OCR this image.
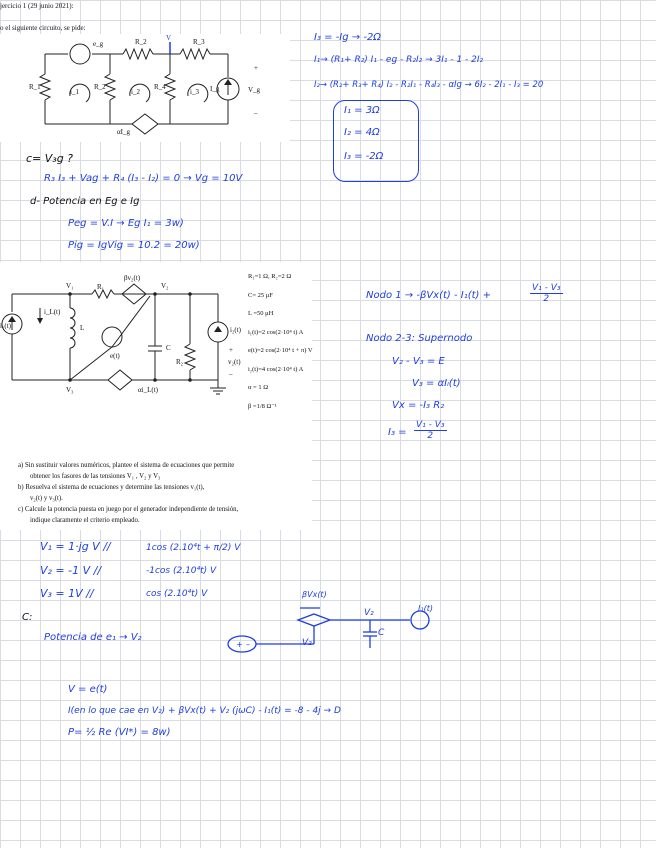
jercicio 1 (29 junio 2021):
o el siguiente circuito, se pide:
e_g	R_2	V	R_3
R_1
i_1
R_2
i_2
R_4
i_3 I_g
+
V_g
–
αI_g
I₃ = -Ig → -2Ω
I₁→ (R₁+ R₂) I₁ - eg - R₂I₂ → 3I₁ - 1 - 2I₂
I₂→ (R₂+ R₃+ R₄) I₂ - R₂I₁ - R₄I₃ - αIg → 6I₂ - 2I₁ - I₃ = 20
I₁ = 3Ω
I₂ = 4Ω
I₃ = -2Ω
c= V₃g ?
R₃ I₃ + Vag + R₄ (I₃ - I₂) = 0 → Vg = 10V
d- Potencia en Eg e Ig
Peg = V.I → Eg I₁ = 3w)
Pig = IgVig = 10.2 = 20w)
V₁	R₁
βv₂(t)
V₂
i₁(t)
i_L(t)
L
e(t)
C
i₂(t)
R₂	v₂(t)
V₃	αi_L(t)
+
–
R₁=1 Ω, R₂=2 Ω
C= 25 μF
L =50 μH
i₁(t)=2 cos(2·10⁴ t) A
e(t)=2 cos(2·10⁴ t + π) V
i₂(t)=4 cos(2·10⁴ t) A
α = 1 Ω
β =1/8 Ω⁻¹
a) Sin sustituir valores numéricos, plantee el sistema de ecuaciones que permite
obtener los fasores de las tensiones V₁ , V₂ y V₃
b) Resuelva el sistema de ecuaciones y determine las tensiones v₁(t),
v₂(t) y v₃(t).
c) Calcule la potencia puesta en juego por el generador independiente de tensión,
indique claramente el criterio empleado.
Nodo 1 → -βVx(t) - I₁(t) +	$\frac{\text{V₁ - V₃}}{2}$
Nodo 2-3: Supernodo
V₂ - V₃ = E
V₃ = αIₗ(t)
Vx = -I₃ R₂
$I_3 = \frac{\text{V₁ - V₃}}{2}$
V₁ = 1·jg V ∕∕	1cos (2.10⁴t + π/2) V
V₂ = -1 V ∕∕	-1cos (2.10⁴t) V
V₃ = 1V ∕∕	cos (2.10⁴t) V
C:
Potencia de e₁ → V₂
+ –
βVx(t)
I₁(t)
V₂
V₂
C
V = e(t)
I(en lo que cae en V₂) + βVx(t) + V₂ (jωC) - I₁(t) = -8 - 4j → D
P= ½ Re (VI*) = 8w)
